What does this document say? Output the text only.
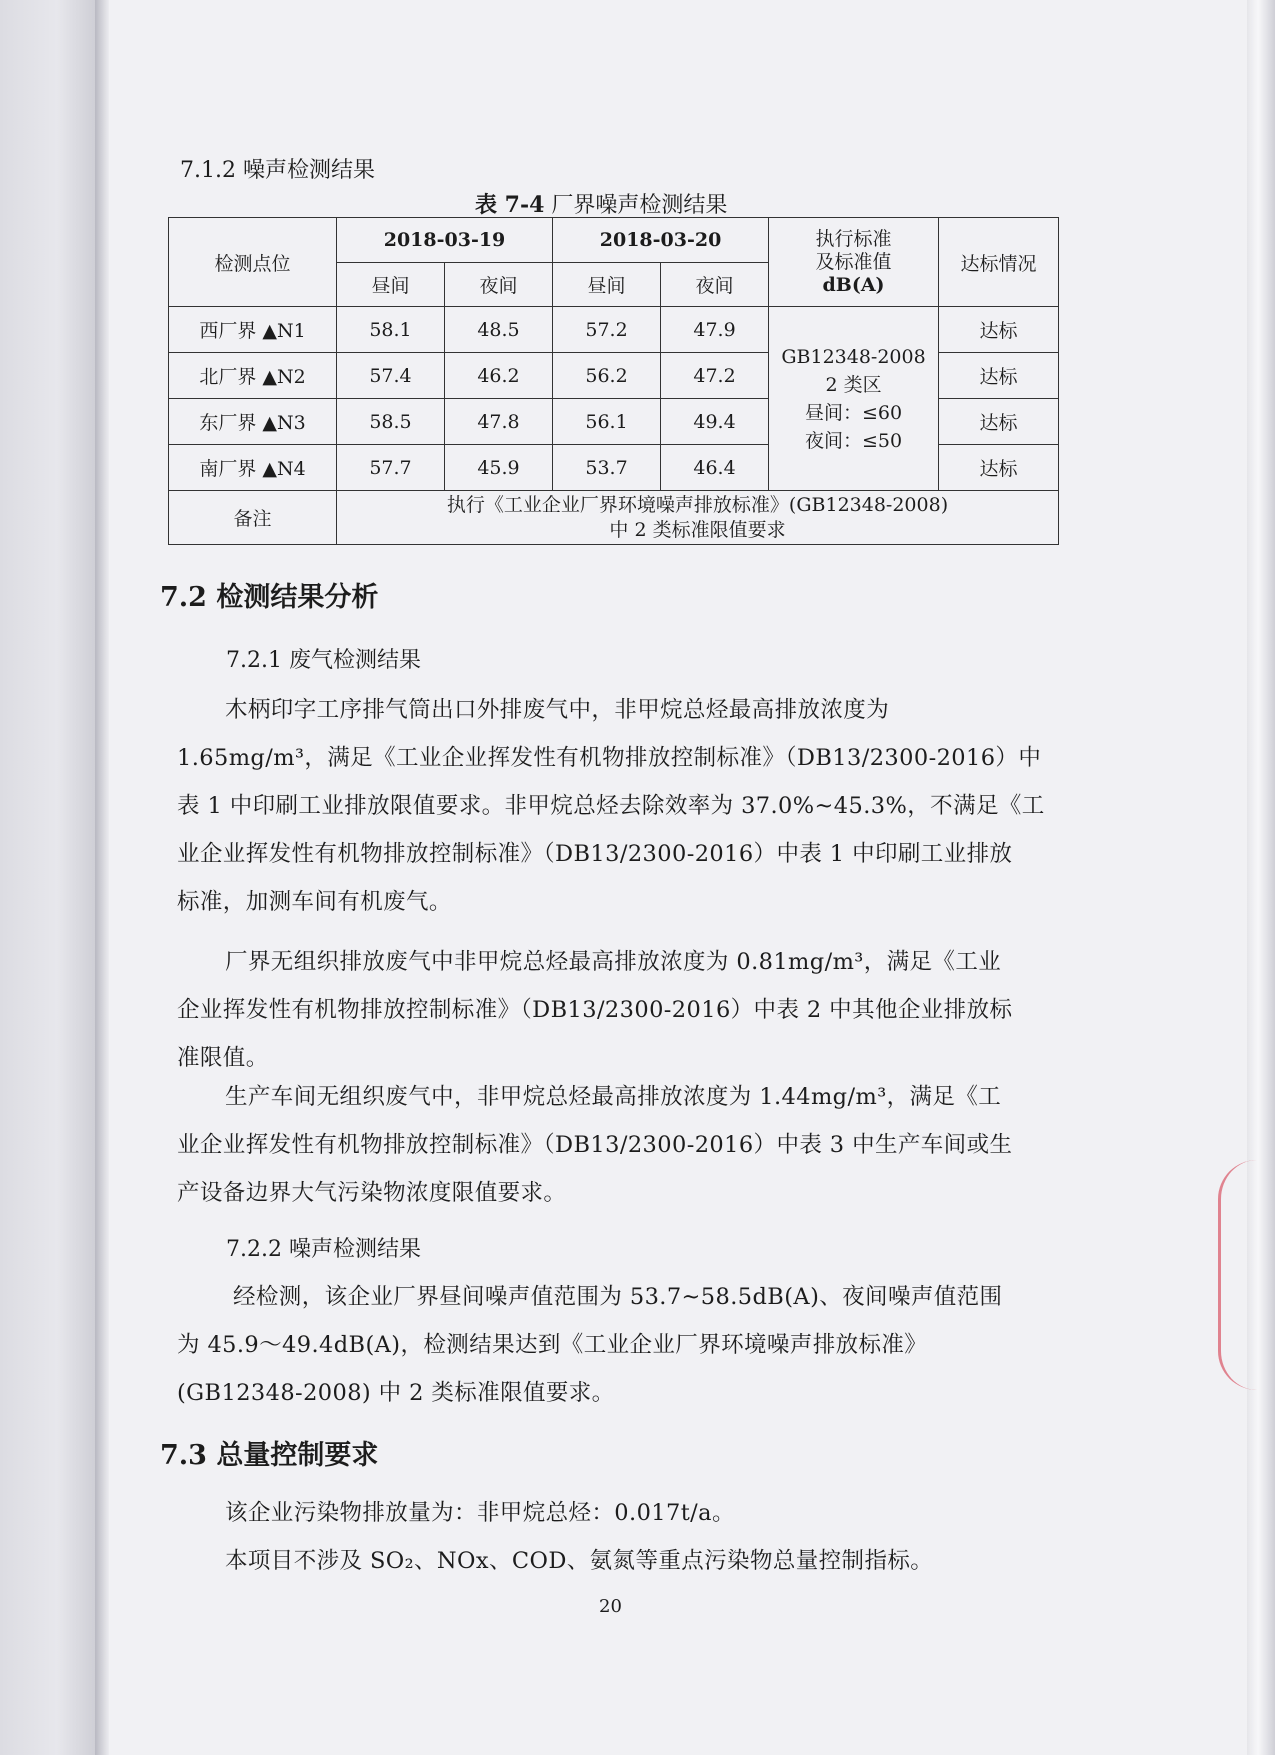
7.1.2 噪声检测结果
表 7-4 厂界噪声检测结果
检测点位	2018-03-19		2018-03-20		执行标准
及标准值
dB(A)	达标情况
	昼间	夜间	昼间	夜间		
西厂界 ▲N1	58.1	48.5	57.2	47.9	GB12348-2008
2 类区
昼间：≤60
夜间：≤50	达标
北厂界 ▲N2	57.4	46.2	56.2	47.2		达标
东厂界 ▲N3	58.5	47.8	56.1	49.4		达标
南厂界 ▲N4	57.7	45.9	53.7	46.4		达标
备注	执行《工业企业厂界环境噪声排放标准》(GB12348-2008)
中 2 类标准限值要求					
7.2 检测结果分析
7.2.1 废气检测结果
木柄印字工序排气筒出口外排废气中，非甲烷总烃最高排放浓度为
1.65mg/m³，满足《工业企业挥发性有机物排放控制标准》（DB13/2300-2016）中
表 1 中印刷工业排放限值要求。非甲烷总烃去除效率为 37.0%~45.3%，不满足《工
业企业挥发性有机物排放控制标准》（DB13/2300-2016）中表 1 中印刷工业排放
标准，加测车间有机废气。
厂界无组织排放废气中非甲烷总烃最高排放浓度为 0.81mg/m³，满足《工业
企业挥发性有机物排放控制标准》（DB13/2300-2016）中表 2 中其他企业排放标
准限值。
生产车间无组织废气中，非甲烷总烃最高排放浓度为 1.44mg/m³，满足《工
业企业挥发性有机物排放控制标准》（DB13/2300-2016）中表 3 中生产车间或生
产设备边界大气污染物浓度限值要求。
7.2.2 噪声检测结果
经检测，该企业厂界昼间噪声值范围为 53.7~58.5dB(A)、夜间噪声值范围
为 45.9～49.4dB(A)，检测结果达到《工业企业厂界环境噪声排放标准》
(GB12348-2008) 中 2 类标准限值要求。
7.3 总量控制要求
该企业污染物排放量为：非甲烷总烃：0.017t/a。
本项目不涉及 SO₂、NOx、COD、氨氮等重点污染物总量控制指标。
20
